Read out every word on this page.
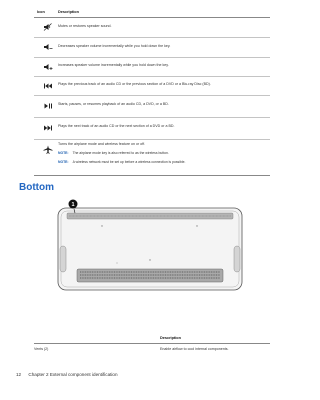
Icon	Description
Mutes or restores speaker sound.
Decreases speaker volume incrementally while you hold down the key.
Increases speaker volume incrementally while you hold down the key.
Plays the previous track of an audio CD or the previous section of a DVD or a Blu-ray Disc (BD).
Starts, pauses, or resumes playback of an audio CD, a DVD, or a BD.
Plays the next track of an audio CD or the next section of a DVD or a BD.
Turns the airplane mode and wireless feature on or off.
NOTE: The airplane mode key is also referred to as the wireless button.
NOTE: A wireless network must be set up before a wireless connection is possible.
Bottom
1
Description
Vents (2)	Enable airflow to cool internal components.
12 Chapter 2 External component identification
